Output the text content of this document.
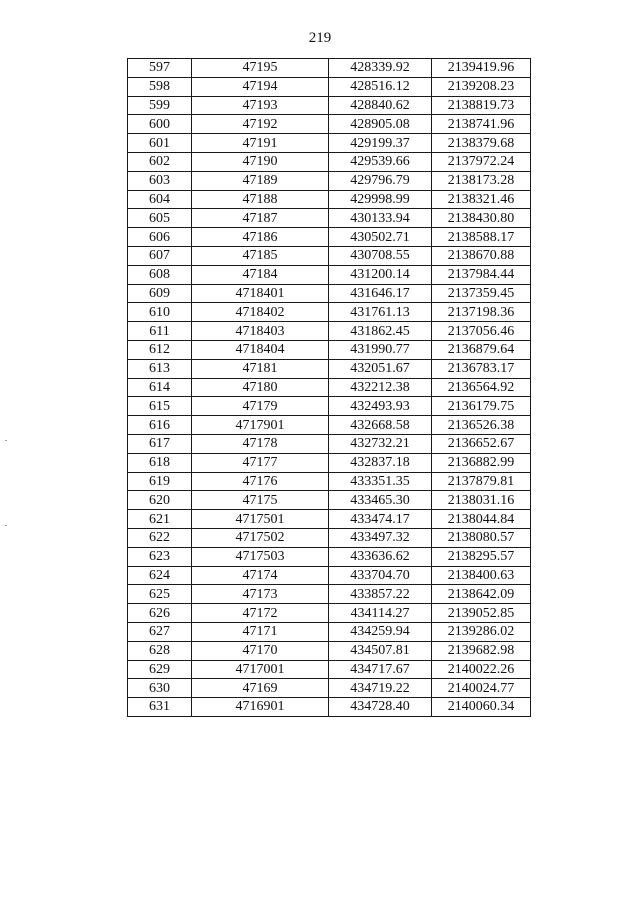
219
597	47195	428339.92	2139419.96
598	47194	428516.12	2139208.23
599	47193	428840.62	2138819.73
600	47192	428905.08	2138741.96
601	47191	429199.37	2138379.68
602	47190	429539.66	2137972.24
603	47189	429796.79	2138173.28
604	47188	429998.99	2138321.46
605	47187	430133.94	2138430.80
606	47186	430502.71	2138588.17
607	47185	430708.55	2138670.88
608	47184	431200.14	2137984.44
609	4718401	431646.17	2137359.45
610	4718402	431761.13	2137198.36
611	4718403	431862.45	2137056.46
612	4718404	431990.77	2136879.64
613	47181	432051.67	2136783.17
614	47180	432212.38	2136564.92
615	47179	432493.93	2136179.75
616	4717901	432668.58	2136526.38
617	47178	432732.21	2136652.67
618	47177	432837.18	2136882.99
619	47176	433351.35	2137879.81
620	47175	433465.30	2138031.16
621	4717501	433474.17	2138044.84
622	4717502	433497.32	2138080.57
623	4717503	433636.62	2138295.57
624	47174	433704.70	2138400.63
625	47173	433857.22	2138642.09
626	47172	434114.27	2139052.85
627	47171	434259.94	2139286.02
628	47170	434507.81	2139682.98
629	4717001	434717.67	2140022.26
630	47169	434719.22	2140024.77
631	4716901	434728.40	2140060.34
